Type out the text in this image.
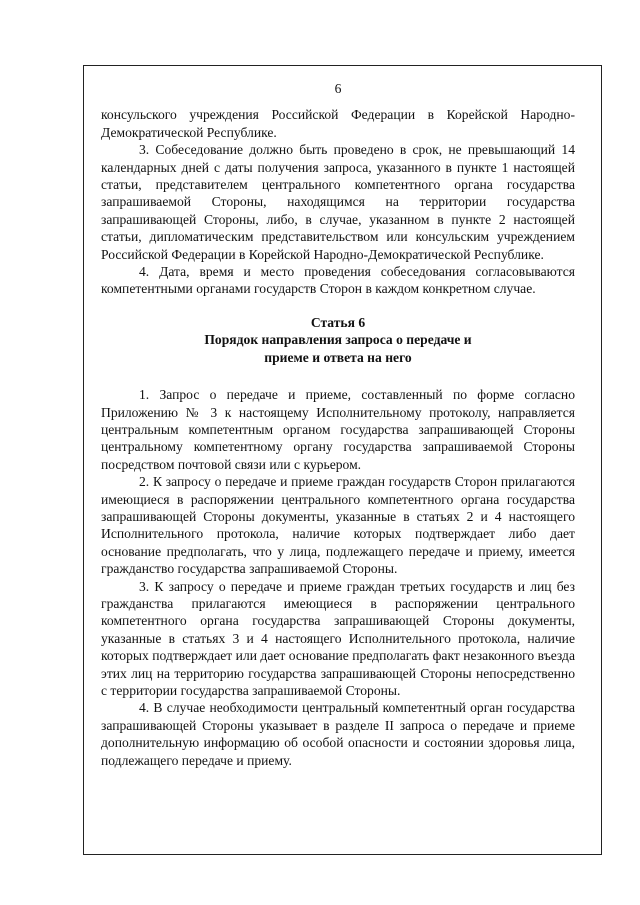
6

консульского учреждения Российской Федерации в Корейской Народно-Демократической Республике.

3. Собеседование должно быть проведено в срок, не превышающий 14 календарных дней с даты получения запроса, указанного в пункте 1 настоящей статьи, представителем центрального компетентного органа государства запрашиваемой Стороны, находящимся на территории государства запрашивающей Стороны, либо, в случае, указанном в пункте 2 настоящей статьи, дипломатическим представительством или консульским учреждением Российской Федерации в Корейской Народно-Демократической Республике.

4. Дата, время и место проведения собеседования согласовываются компетентными органами государств Сторон в каждом конкретном случае.

Статья 6

Порядок направления запроса о передаче и

приеме и ответа на него

1. Запрос о передаче и приеме, составленный по форме согласно Приложению № 3 к настоящему Исполнительному протоколу, направляется центральным компетентным органом государства запрашивающей Стороны центральному компетентному органу государства запрашиваемой Стороны посредством почтовой связи или с курьером.

2. К запросу о передаче и приеме граждан государств Сторон прилагаются имеющиеся в распоряжении центрального компетентного органа государства запрашивающей Стороны документы, указанные в статьях 2 и 4 настоящего Исполнительного протокола, наличие которых подтверждает либо дает основание предполагать, что у лица, подлежащего передаче и приему, имеется гражданство государства запрашиваемой Стороны.

3. К запросу о передаче и приеме граждан третьих государств и лиц без гражданства прилагаются имеющиеся в распоряжении центрального компетентного органа государства запрашивающей Стороны документы, указанные в статьях 3 и 4 настоящего Исполнительного протокола, наличие которых подтверждает или дает основание предполагать факт незаконного въезда этих лиц на территорию государства запрашивающей Стороны непосредственно с территории государства запрашиваемой Стороны.

4. В случае необходимости центральный компетентный орган государства запрашивающей Стороны указывает в разделе II запроса о передаче и приеме дополнительную информацию об особой опасности и состоянии здоровья лица, подлежащего передаче и приему.
